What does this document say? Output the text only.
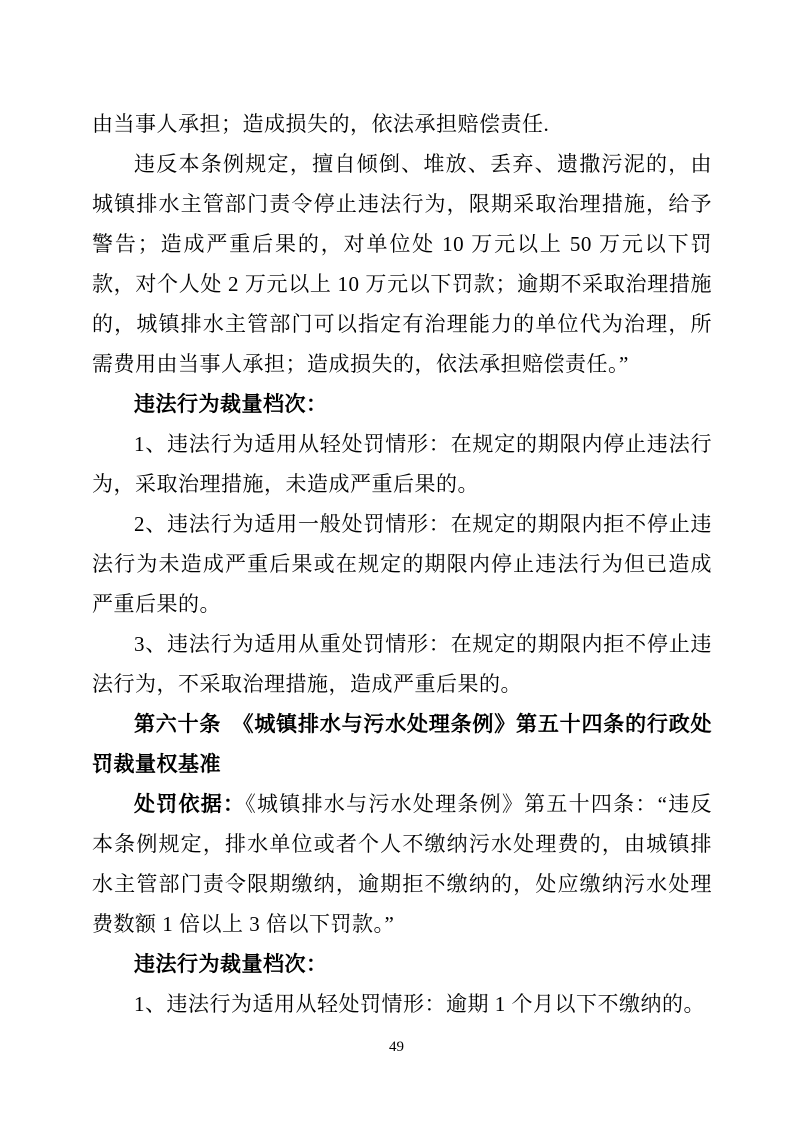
由当事人承担；造成损失的，依法承担赔偿责任.

违反本条例规定，擅自倾倒、堆放、丢弃、遗撒污泥的，由城镇排水主管部门责令停止违法行为，限期采取治理措施，给予警告；造成严重后果的，对单位处 10 万元以上 50 万元以下罚款，对个人处 2 万元以上 10 万元以下罚款；逾期不采取治理措施的，城镇排水主管部门可以指定有治理能力的单位代为治理，所需费用由当事人承担；造成损失的，依法承担赔偿责任。”

违法行为裁量档次：

1、违法行为适用从轻处罚情形：在规定的期限内停止违法行为，采取治理措施，未造成严重后果的。

2、违法行为适用一般处罚情形：在规定的期限内拒不停止违法行为未造成严重后果或在规定的期限内停止违法行为但已造成严重后果的。

3、违法行为适用从重处罚情形：在规定的期限内拒不停止违法行为，不采取治理措施，造成严重后果的。

第六十条　《城镇排水与污水处理条例》第五十四条的行政处罚裁量权基准

处罚依据：《城镇排水与污水处理条例》第五十四条：“违反本条例规定，排水单位或者个人不缴纳污水处理费的，由城镇排水主管部门责令限期缴纳，逾期拒不缴纳的，处应缴纳污水处理费数额 1 倍以上 3 倍以下罚款。”

违法行为裁量档次：

1、违法行为适用从轻处罚情形：逾期 1 个月以下不缴纳的。

49
